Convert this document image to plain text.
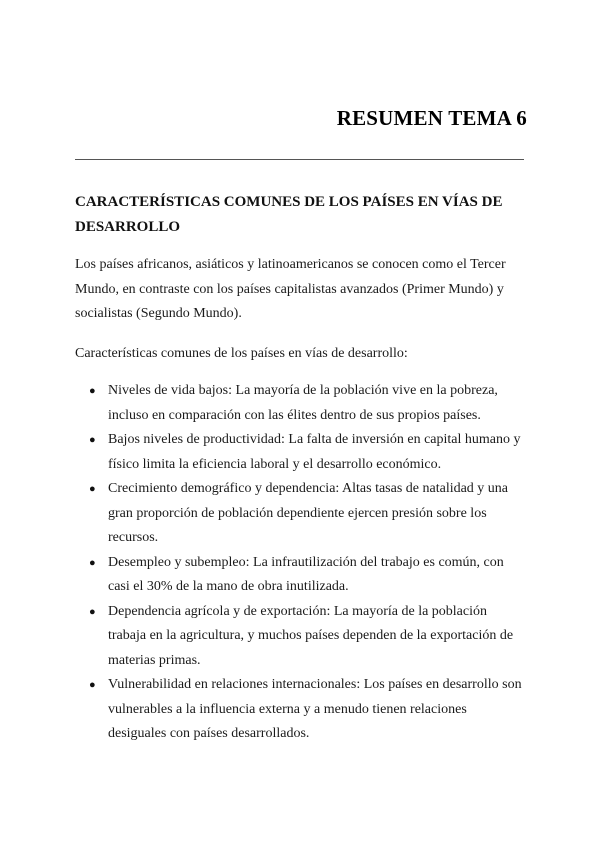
RESUMEN TEMA 6
CARACTERÍSTICAS COMUNES DE LOS PAÍSES EN VÍAS DE DESARROLLO

Los países africanos, asiáticos y latinoamericanos se conocen como el Tercer Mundo, en contraste con los países capitalistas avanzados (Primer Mundo) y socialistas (Segundo Mundo).

Características comunes de los países en vías de desarrollo:

● Niveles de vida bajos: La mayoría de la población vive en la pobreza, incluso en comparación con las élites dentro de sus propios países.
● Bajos niveles de productividad: La falta de inversión en capital humano y físico limita la eficiencia laboral y el desarrollo económico.
● Crecimiento demográfico y dependencia: Altas tasas de natalidad y una gran proporción de población dependiente ejercen presión sobre los recursos.
● Desempleo y subempleo: La infrautilización del trabajo es común, con casi el 30% de la mano de obra inutilizada.
● Dependencia agrícola y de exportación: La mayoría de la población trabaja en la agricultura, y muchos países dependen de la exportación de materias primas.
● Vulnerabilidad en relaciones internacionales: Los países en desarrollo son vulnerables a la influencia externa y a menudo tienen relaciones desiguales con países desarrollados.
